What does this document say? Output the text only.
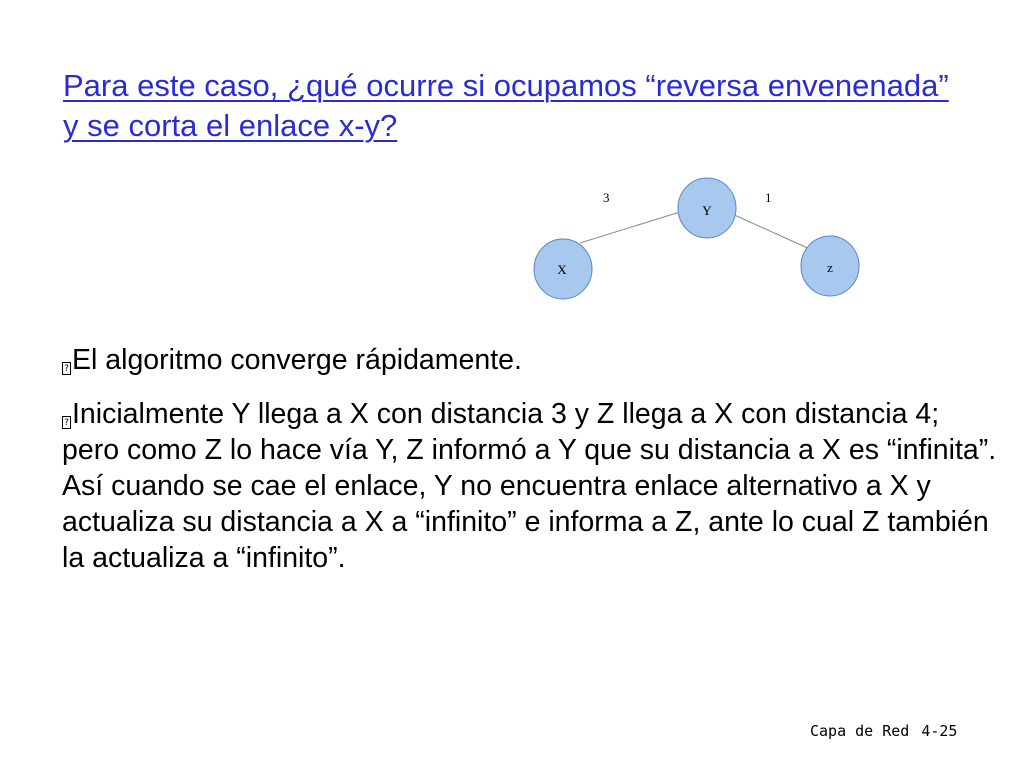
Para este caso, ¿qué ocurre si ocupamos “reversa envenenada” y se corta el enlace x-y?
3	1
Y
X	z
? El algoritmo converge rápidamente.
? Inicialmente Y llega a X con distancia 3 y Z llega a X con distancia 4; pero como Z lo hace vía Y, Z informó a Y que su distancia a X es “infinita”. Así cuando se cae el enlace, Y no encuentra enlace alternativo a X y actualiza su distancia a X a “infinito” e informa a Z, ante lo cual Z también la actualiza a “infinito”.
Capa de Red 4-25
